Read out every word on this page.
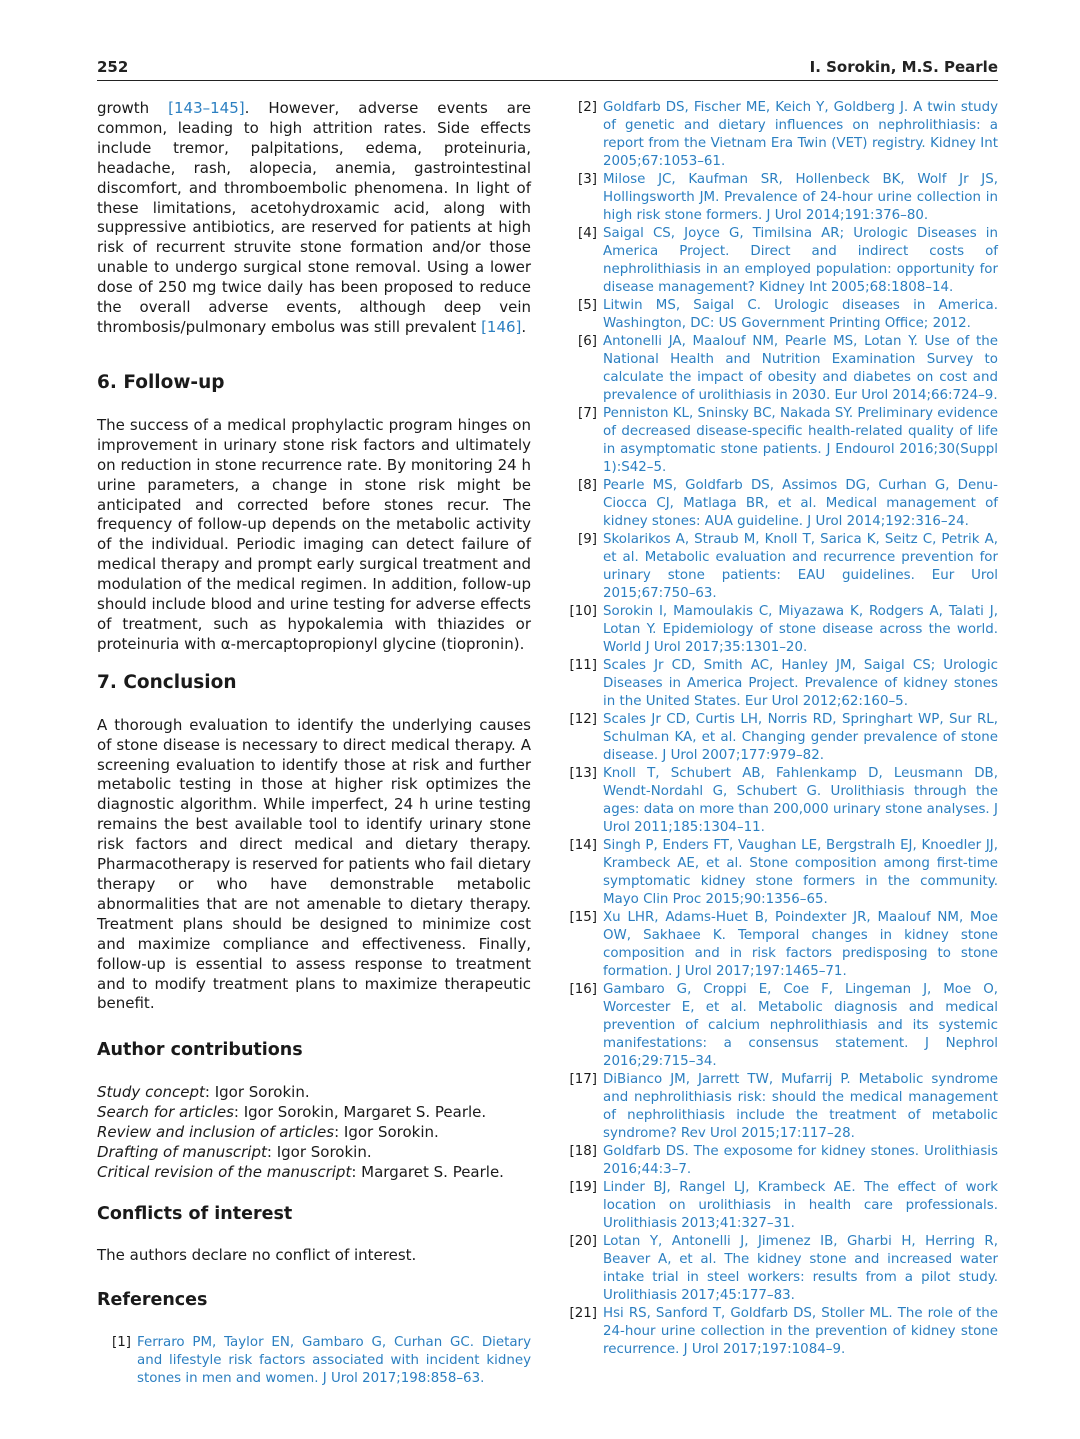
252	I. Sorokin, M.S. Pearle

growth [143–145]. However, adverse events are common, leading to high attrition rates. Side effects include tremor, palpitations, edema, proteinuria, headache, rash, alopecia, anemia, gastrointestinal discomfort, and thromboembolic phenomena. In light of these limitations, acetohydroxamic acid, along with suppressive antibiotics, are reserved for patients at high risk of recurrent struvite stone formation and/or those unable to undergo surgical stone removal. Using a lower dose of 250 mg twice daily has been proposed to reduce the overall adverse events, although deep vein thrombosis/pulmonary embolus was still prevalent [146].

6. Follow-up

The success of a medical prophylactic program hinges on improvement in urinary stone risk factors and ultimately on reduction in stone recurrence rate. By monitoring 24 h urine parameters, a change in stone risk might be anticipated and corrected before stones recur. The frequency of follow-up depends on the metabolic activity of the individual. Periodic imaging can detect failure of medical therapy and prompt early surgical treatment and modulation of the medical regimen. In addition, follow-up should include blood and urine testing for adverse effects of treatment, such as hypokalemia with thiazides or proteinuria with α-mercaptopropionyl glycine (tiopronin).

7. Conclusion

A thorough evaluation to identify the underlying causes of stone disease is necessary to direct medical therapy. A screening evaluation to identify those at risk and further metabolic testing in those at higher risk optimizes the diagnostic algorithm. While imperfect, 24 h urine testing remains the best available tool to identify urinary stone risk factors and direct medical and dietary therapy. Pharmacotherapy is reserved for patients who fail dietary therapy or who have demonstrable metabolic abnormalities that are not amenable to dietary therapy. Treatment plans should be designed to minimize cost and maximize compliance and effectiveness. Finally, follow-up is essential to assess response to treatment and to modify treatment plans to maximize therapeutic benefit.

Author contributions

Study concept: Igor Sorokin.

Search for articles: Igor Sorokin, Margaret S. Pearle.

Review and inclusion of articles: Igor Sorokin.

Drafting of manuscript: Igor Sorokin.

Critical revision of the manuscript: Margaret S. Pearle.

Conflicts of interest

The authors declare no conflict of interest.

References

[1] Ferraro PM, Taylor EN, Gambaro G, Curhan GC. Dietary and lifestyle risk factors associated with incident kidney stones in men and women. J Urol 2017;198:858–63.

[2] Goldfarb DS, Fischer ME, Keich Y, Goldberg J. A twin study of genetic and dietary influences on nephrolithiasis: a report from the Vietnam Era Twin (VET) registry. Kidney Int 2005;67:1053–61.

[3] Milose JC, Kaufman SR, Hollenbeck BK, Wolf Jr JS, Hollingsworth JM. Prevalence of 24-hour urine collection in high risk stone formers. J Urol 2014;191:376–80.

[4] Saigal CS, Joyce G, Timilsina AR; Urologic Diseases in America Project. Direct and indirect costs of nephrolithiasis in an employed population: opportunity for disease management? Kidney Int 2005;68:1808–14.

[5] Litwin MS, Saigal C. Urologic diseases in America. Washington, DC: US Government Printing Office; 2012.

[6] Antonelli JA, Maalouf NM, Pearle MS, Lotan Y. Use of the National Health and Nutrition Examination Survey to calculate the impact of obesity and diabetes on cost and prevalence of urolithiasis in 2030. Eur Urol 2014;66:724–9.

[7] Penniston KL, Sninsky BC, Nakada SY. Preliminary evidence of decreased disease-specific health-related quality of life in asymptomatic stone patients. J Endourol 2016;30(Suppl 1):S42–5.

[8] Pearle MS, Goldfarb DS, Assimos DG, Curhan G, Denu-Ciocca CJ, Matlaga BR, et al. Medical management of kidney stones: AUA guideline. J Urol 2014;192:316–24.

[9] Skolarikos A, Straub M, Knoll T, Sarica K, Seitz C, Petrik A, et al. Metabolic evaluation and recurrence prevention for urinary stone patients: EAU guidelines. Eur Urol 2015;67:750–63.

[10] Sorokin I, Mamoulakis C, Miyazawa K, Rodgers A, Talati J, Lotan Y. Epidemiology of stone disease across the world. World J Urol 2017;35:1301–20.

[11] Scales Jr CD, Smith AC, Hanley JM, Saigal CS; Urologic Diseases in America Project. Prevalence of kidney stones in the United States. Eur Urol 2012;62:160–5.

[12] Scales Jr CD, Curtis LH, Norris RD, Springhart WP, Sur RL, Schulman KA, et al. Changing gender prevalence of stone disease. J Urol 2007;177:979–82.

[13] Knoll T, Schubert AB, Fahlenkamp D, Leusmann DB, Wendt-Nordahl G, Schubert G. Urolithiasis through the ages: data on more than 200,000 urinary stone analyses. J Urol 2011;185:1304–11.

[14] Singh P, Enders FT, Vaughan LE, Bergstralh EJ, Knoedler JJ, Krambeck AE, et al. Stone composition among first-time symptomatic kidney stone formers in the community. Mayo Clin Proc 2015;90:1356–65.

[15] Xu LHR, Adams-Huet B, Poindexter JR, Maalouf NM, Moe OW, Sakhaee K. Temporal changes in kidney stone composition and in risk factors predisposing to stone formation. J Urol 2017;197:1465–71.

[16] Gambaro G, Croppi E, Coe F, Lingeman J, Moe O, Worcester E, et al. Metabolic diagnosis and medical prevention of calcium nephrolithiasis and its systemic manifestations: a consensus statement. J Nephrol 2016;29:715–34.

[17] DiBianco JM, Jarrett TW, Mufarrij P. Metabolic syndrome and nephrolithiasis risk: should the medical management of nephrolithiasis include the treatment of metabolic syndrome? Rev Urol 2015;17:117–28.

[18] Goldfarb DS. The exposome for kidney stones. Urolithiasis 2016;44:3–7.

[19] Linder BJ, Rangel LJ, Krambeck AE. The effect of work location on urolithiasis in health care professionals. Urolithiasis 2013;41:327–31.

[20] Lotan Y, Antonelli J, Jimenez IB, Gharbi H, Herring R, Beaver A, et al. The kidney stone and increased water intake trial in steel workers: results from a pilot study. Urolithiasis 2017;45:177–83.

[21] Hsi RS, Sanford T, Goldfarb DS, Stoller ML. The role of the 24-hour urine collection in the prevention of kidney stone recurrence. J Urol 2017;197:1084–9.
